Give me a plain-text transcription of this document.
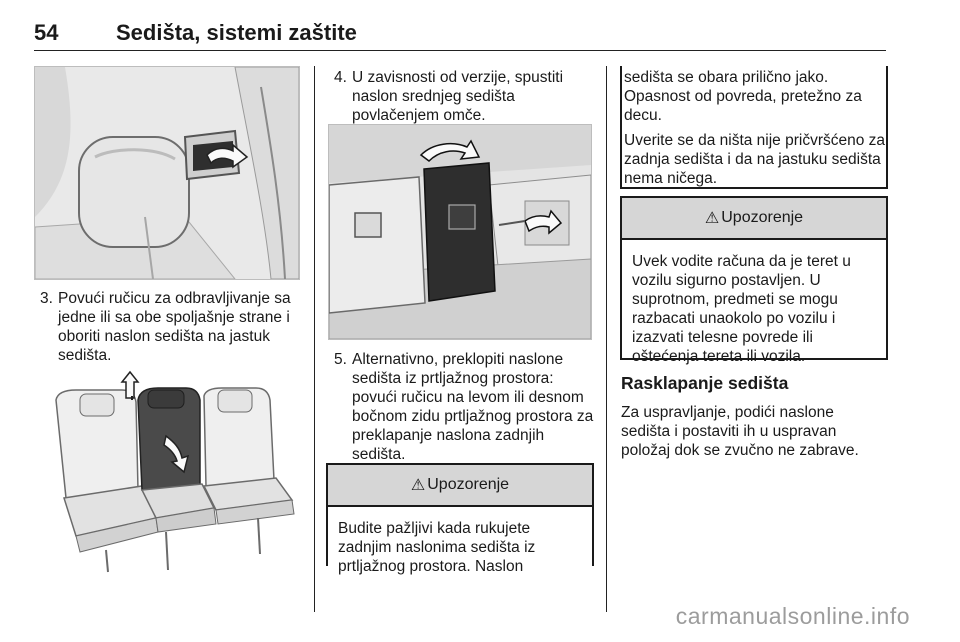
54	Sedišta, sistemi zaštite
3. Povući ručicu za odbravljivanje sa jedne ili sa obe spoljašnje strane i oboriti naslon sedišta na jastuk sedišta.
4. U zavisnosti od verzije, spustiti naslon srednjeg sedišta povlačenjem omče.
5. Alternativno, preklopiti naslone sedišta iz prtljažnog prostora: povući ručicu na levom ili desnom bočnom zidu prtljažnog prostora za preklapanje naslona zadnjih sedišta.
⚠ Upozorenje
Budite pažljivi kada rukujete zadnjim naslonima sedišta iz prtljažnog prostora. Naslon
sedišta se obara prilično jako. Opasnost od povreda, pretežno za decu.
Uverite se da ništa nije pričvršćeno za zadnja sedišta i da na jastuku sedišta nema ničega.
⚠ Upozorenje
Uvek vodite računa da je teret u vozilu sigurno postavljen. U suprotnom, predmeti se mogu razbacati unaokolo po vozilu i izazvati telesne povrede ili oštećenja tereta ili vozila.
Rasklapanje sedišta
Za uspravljanje, podići naslone sedišta i postaviti ih u uspravan položaj dok se zvučno ne zabrave.
carmanualsonline.info
